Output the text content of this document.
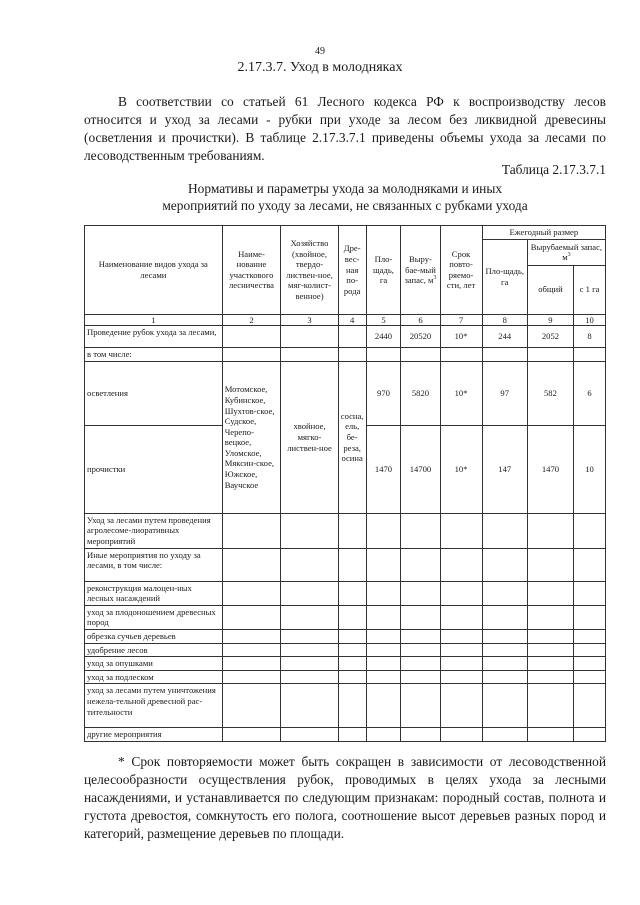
49
2.17.3.7. Уход в молодняках

В соответствии со статьей 61 Лесного кодекса РФ к воспроизводству лесов относится и уход за лесами - рубки при уходе за лесом без ликвидной древесины (осветления и прочистки). В таблице 2.17.3.7.1 приведены объемы ухода за лесами по лесоводственным требованиям.

Таблица 2.17.3.7.1
Нормативы и параметры ухода за молодняками и иных
мероприятий по уходу за лесами, не связанных с рубками ухода
Наименование видов ухода за лесами	Наиме-нование участкового лесничества	Хозяйство (хвойное, твердо-листвен-ное, мяг-колист-венное)	Дре-вес-ная по-рода	Пло-щадь, га	Выру-бае-мый запас, $м^3$	Срок повто-ряемо-сти, лет	Ежегодный размер		
							Пло-щадь, га	Вырубаемый запас, $м^3$
								общий	с 1 га
1	2	3	4	5	6	7	8	9	10
Проведение рубок ухода за лесами,				2440	20520	10*	244	2052	8
в том числе:									
осветления	Мотомское, Кубинское, Шухтов-ское, Судское, Черепо-вецкое, Уломское, Мяксин-ское, Южское, Ваучское	хвойное, мягко-листвен-ное	сосна, ель, бе-реза, осина	970	5820	10*	97	582	6
прочистки				1470	14700	10*	147	1470	10
Уход за лесами путем проведения агролесоме-лиоративных мероприятий									
Иные мероприятия по уходу за лесами, в том числе:									
реконструкция малоцен-ных лесных насаждений									
уход за плодоношением древесных пород									
обрезка сучьев деревьев									
удобрение лесов									
уход за опушками									
уход за подлеском									
уход за лесами путем уничтожения нежела-тельной древесной рас-тительности									
другие мероприятия									

* Срок повторяемости может быть сокращен в зависимости от лесоводственной целесообразности осуществления рубок, проводимых в целях ухода за лесными насаждениями, и устанавливается по следующим признакам: породный состав, полнота и густота древостоя, сомкнутость его полога, соотношение высот деревьев разных пород и категорий, размещение деревьев по площади.
